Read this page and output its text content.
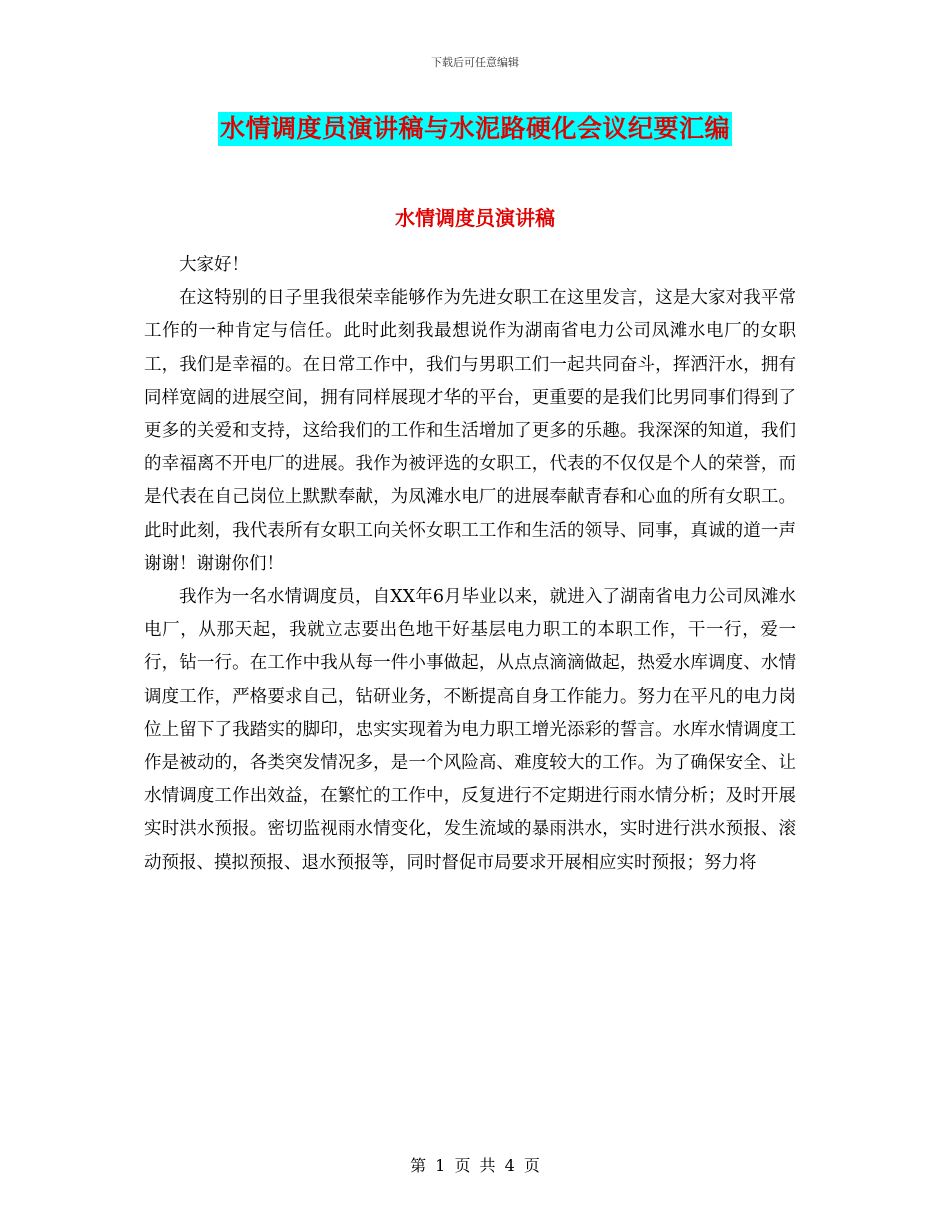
下载后可任意编辑
水情调度员演讲稿与水泥路硬化会议纪要汇编
水情调度员演讲稿

大家好！

在这特别的日子里我很荣幸能够作为先进女职工在这里发言，这是大家对我平常工作的一种肯定与信任。此时此刻我最想说作为湖南省电力公司凤滩水电厂的女职工，我们是幸福的。在日常工作中，我们与男职工们一起共同奋斗，挥洒汗水，拥有同样宽阔的进展空间，拥有同样展现才华的平台，更重要的是我们比男同事们得到了更多的关爱和支持，这给我们的工作和生活增加了更多的乐趣。我深深的知道，我们的幸福离不开电厂的进展。我作为被评选的女职工，代表的不仅仅是个人的荣誉，而是代表在自己岗位上默默奉献，为凤滩水电厂的进展奉献青春和心血的所有女职工。此时此刻，我代表所有女职工向关怀女职工工作和生活的领导、同事，真诚的道一声谢谢！谢谢你们！

我作为一名水情调度员，自XX年6月毕业以来，就进入了湖南省电力公司凤滩水电厂，从那天起，我就立志要出色地干好基层电力职工的本职工作，干一行，爱一行，钻一行。在工作中我从每一件小事做起，从点点滴滴做起，热爱水库调度、水情调度工作，严格要求自己，钻研业务，不断提高自身工作能力。努力在平凡的电力岗位上留下了我踏实的脚印，忠实实现着为电力职工增光添彩的誓言。水库水情调度工作是被动的，各类突发情况多，是一个风险高、难度较大的工作。为了确保安全、让水情调度工作出效益，在繁忙的工作中，反复进行不定期进行雨水情分析；及时开展实时洪水预报。密切监视雨水情变化，发生流域的暴雨洪水，实时进行洪水预报、滚动预报、摸拟预报、退水预报等，同时督促市局要求开展相应实时预报；努力将

第 1 页 共 4 页
